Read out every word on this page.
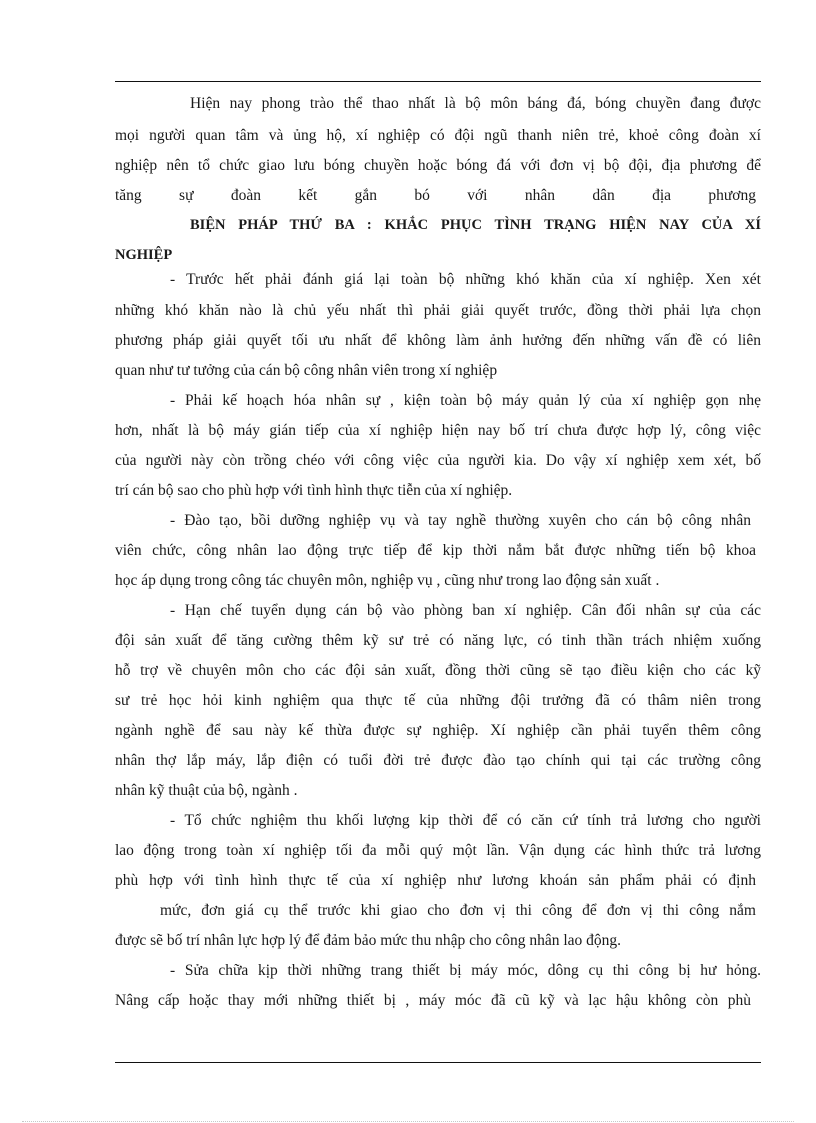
Hiện nay phong trào thể thao nhất là bộ môn báng đá, bóng chuyền đang được
mọi người quan tâm và ủng hộ, xí nghiệp có đội ngũ thanh niên trẻ, khoẻ công đoàn xí
nghiệp nên tổ chức giao lưu bóng chuyền hoặc bóng đá với đơn vị bộ đội, địa phương để
tăng sự đoàn kết gắn bó với nhân dân địa phương
BIỆN PHÁP THỨ BA : KHẮC PHỤC TÌNH TRẠNG HIỆN NAY CỦA XÍ
NGHIỆP
- Trước hết phải đánh giá lại toàn bộ những khó khăn của xí nghiệp. Xen xét
những khó khăn nào là chủ yếu nhất thì phải giải quyết trước, đồng thời phải lựa chọn
phương pháp giải quyết tối ưu nhất để không làm ảnh hưởng đến những vấn đề có liên
quan như tư tưởng của cán bộ công nhân viên trong xí nghiệp
- Phải kế hoạch hóa nhân sự , kiện toàn bộ máy quản lý của xí nghiệp gọn nhẹ
hơn, nhất là bộ máy gián tiếp của xí nghiệp hiện nay bố trí chưa được hợp lý, công việc
của người này còn trồng chéo với công việc của người kia. Do vậy xí nghiệp xem xét, bố
trí cán bộ sao cho phù hợp với tình hình thực tiễn của xí nghiệp.
- Đào tạo, bồi dưỡng nghiệp vụ và tay nghề thường xuyên cho cán bộ công nhân
viên chức, công nhân lao động trực tiếp để kịp thời nắm bắt được những tiến bộ khoa
học áp dụng trong công tác chuyên môn, nghiệp vụ , cũng như trong lao động sản xuất .
- Hạn chế tuyển dụng cán bộ vào phòng ban xí nghiệp. Cân đối nhân sự của các
đội sản xuất để tăng cường thêm kỹ sư trẻ có năng lực, có tinh thần trách nhiệm xuống
hỗ trợ về chuyên môn cho các đội sản xuất, đồng thời cũng sẽ tạo điều kiện cho các kỹ
sư trẻ học hỏi kinh nghiệm qua thực tế của những đội trưởng đã có thâm niên trong
ngành nghề để sau này kế thừa được sự nghiệp. Xí nghiệp cần phải tuyển thêm công
nhân thợ lắp máy, lắp điện có tuổi đời trẻ được đào tạo chính qui tại các trường công
nhân kỹ thuật của bộ, ngành .
- Tổ chức nghiệm thu khối lượng kịp thời để có căn cứ tính trả lương cho người
lao động trong toàn xí nghiệp tối đa mỗi quý một lần. Vận dụng các hình thức trả lương
phù hợp với tình hình thực tế của xí nghiệp như lương khoán sản phẩm phải có định
mức, đơn giá cụ thể trước khi giao cho đơn vị thi công để đơn vị thi công nắm
được sẽ bố trí nhân lực hợp lý để đảm bảo mức thu nhập cho công nhân lao động.
- Sửa chữa kịp thời những trang thiết bị máy móc, dông cụ thi công bị hư hỏng.
Nâng cấp hoặc thay mới những thiết bị , máy móc đã cũ kỹ và lạc hậu không còn phù
